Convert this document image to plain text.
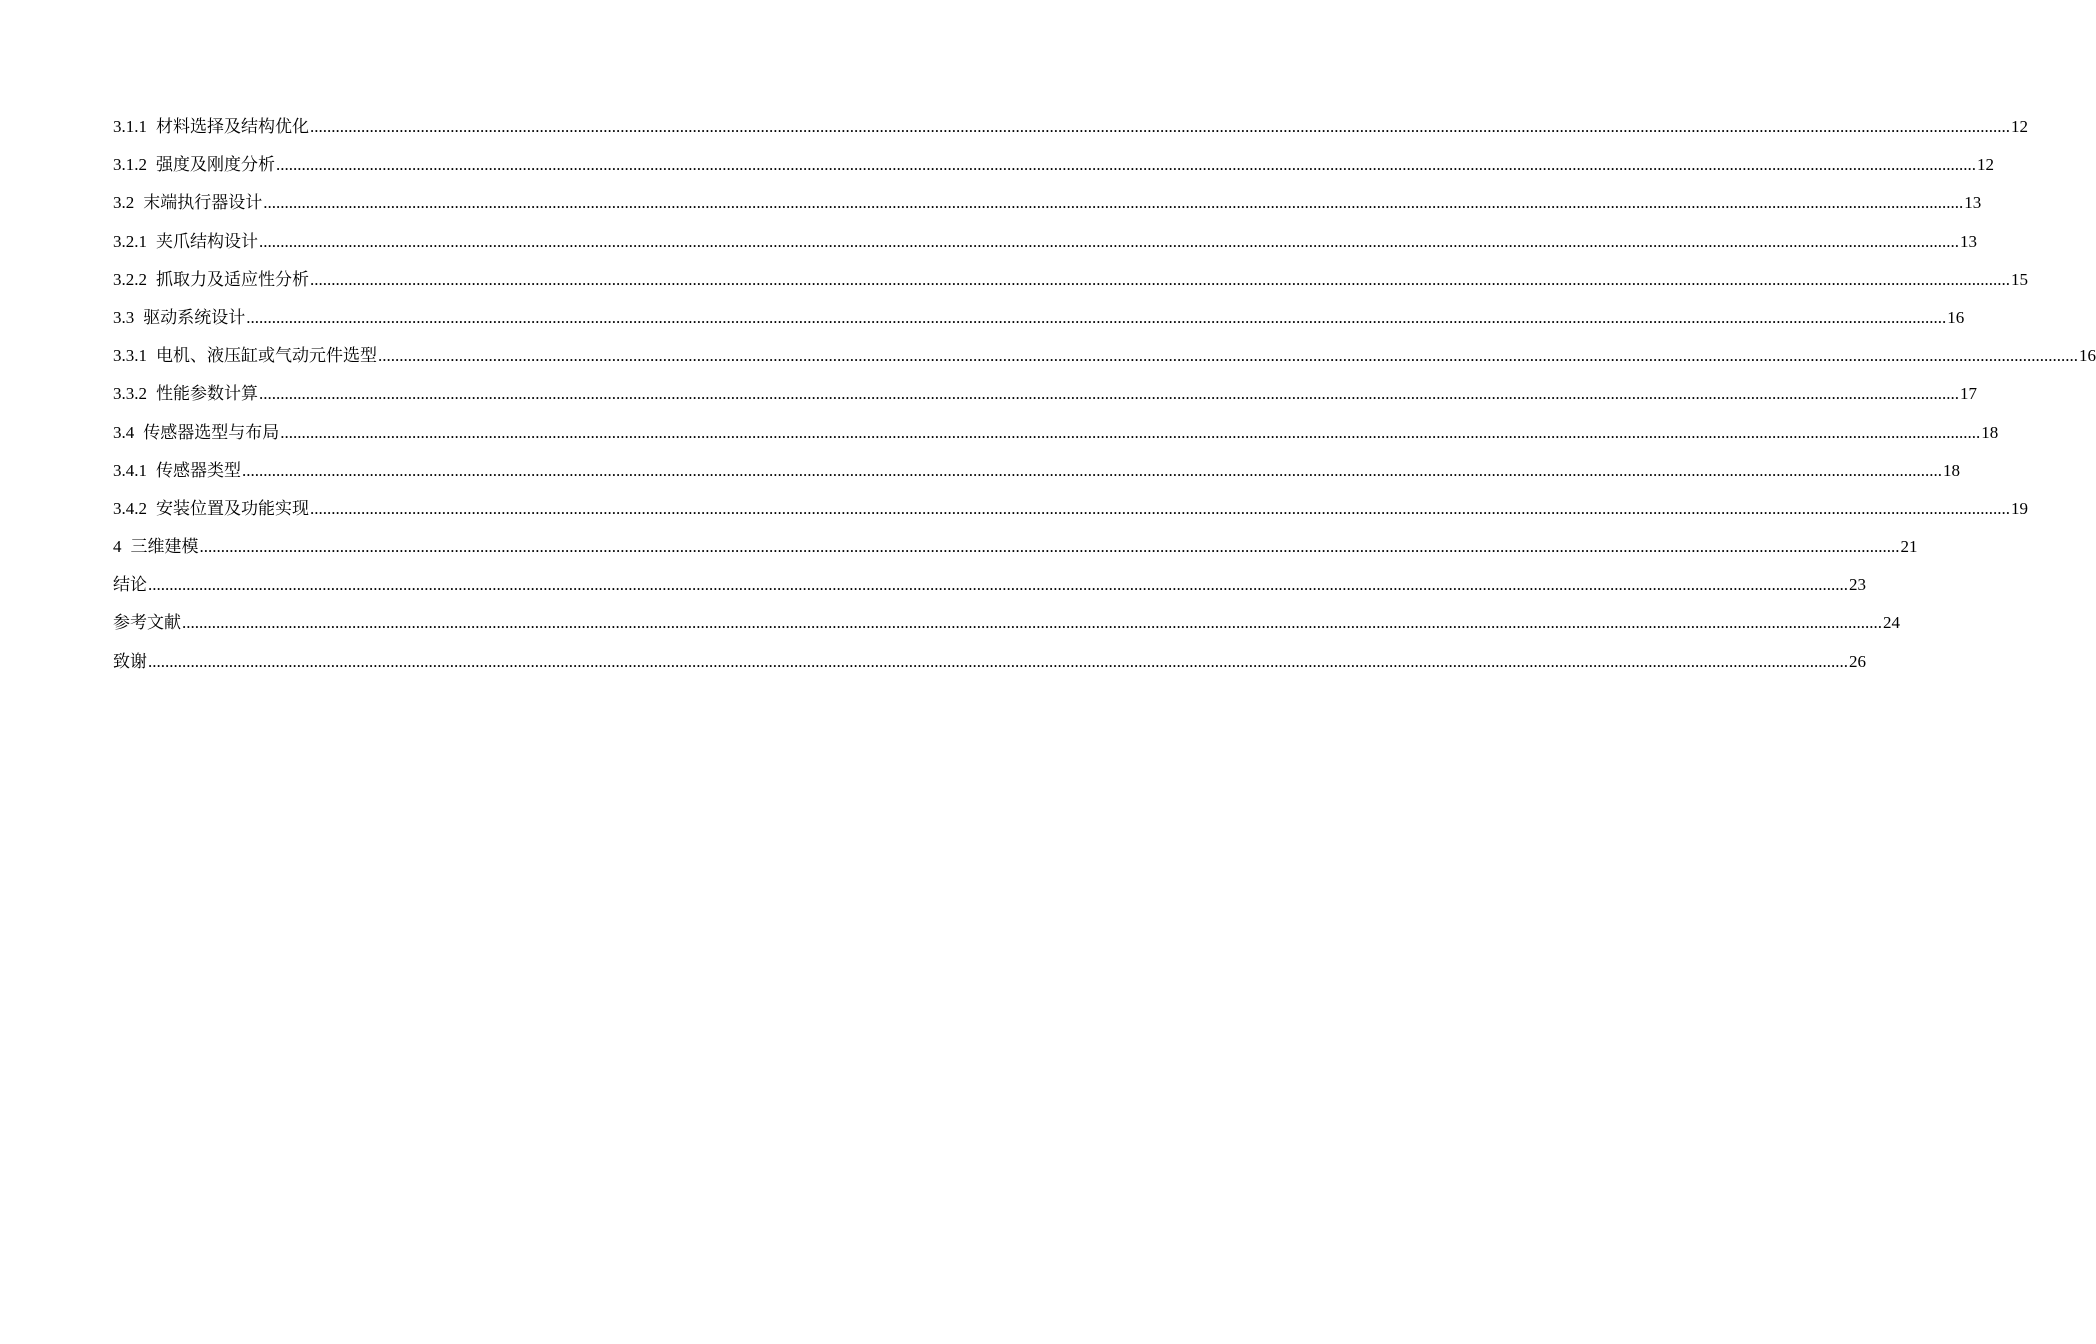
3.1.1 材料选择及结构优化 ................................................................................................................................................................................................................................................................................................................................................................................................................ 12
3.1.2 强度及刚度分析 ................................................................................................................................................................................................................................................................................................................................................................................................................ 12
3.2 末端执行器设计 ................................................................................................................................................................................................................................................................................................................................................................................................................ 13
3.2.1 夹爪结构设计 ................................................................................................................................................................................................................................................................................................................................................................................................................ 13
3.2.2 抓取力及适应性分析 ................................................................................................................................................................................................................................................................................................................................................................................................................ 15
3.3 驱动系统设计 ................................................................................................................................................................................................................................................................................................................................................................................................................ 16
3.3.1 电机、液压缸或气动元件选型 ................................................................................................................................................................................................................................................................................................................................................................................................................ 16
3.3.2 性能参数计算 ................................................................................................................................................................................................................................................................................................................................................................................................................ 17
3.4 传感器选型与布局 ................................................................................................................................................................................................................................................................................................................................................................................................................ 18
3.4.1 传感器类型 ................................................................................................................................................................................................................................................................................................................................................................................................................ 18
3.4.2 安装位置及功能实现 ................................................................................................................................................................................................................................................................................................................................................................................................................ 19
4 三维建模 ................................................................................................................................................................................................................................................................................................................................................................................................................ 21
结论 ................................................................................................................................................................................................................................................................................................................................................................................................................ 23
参考文献 ................................................................................................................................................................................................................................................................................................................................................................................................................ 24
致谢 ................................................................................................................................................................................................................................................................................................................................................................................................................ 26
